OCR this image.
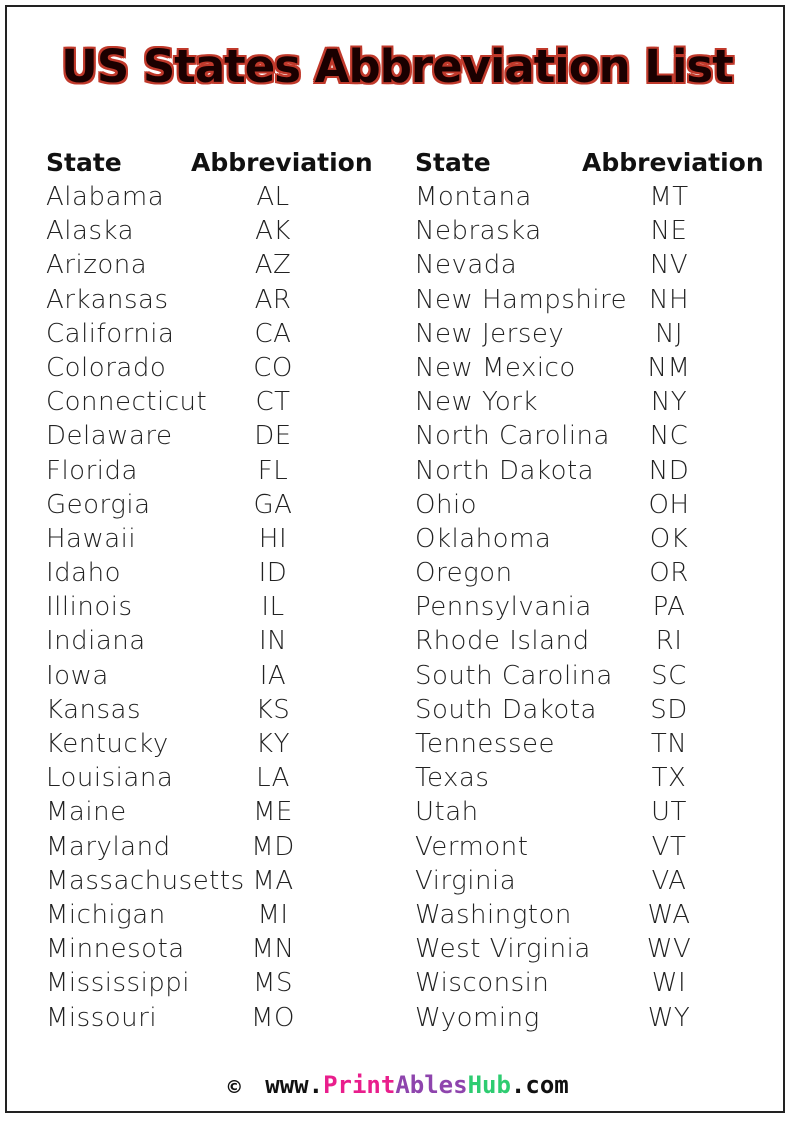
US States Abbreviation List
State	Abbreviation
Alabama	AL
Alaska	AK
Arizona	AZ
Arkansas	AR
California	CA
Colorado	CO
Connecticut	CT
Delaware	DE
Florida	FL
Georgia	GA
Hawaii	HI
Idaho	ID
Illinois	IL
Indiana	IN
Iowa	IA
Kansas	KS
Kentucky	KY
Louisiana	LA
Maine	ME
Maryland	MD
Massachusetts MA
Michigan	MI
Minnesota	MN
Mississippi	MS
Missouri	MO
State	Abbreviation
Montana	MT
Nebraska	NE
Nevada	NV
New Hampshire NH
New Jersey	NJ
New Mexico	NM
New York	NY
North Carolina	NC
North Dakota	ND
Ohio	OH
Oklahoma	OK
Oregon	OR
Pennsylvania	PA
Rhode Island	RI
South Carolina	SC
South Dakota	SD
Tennessee	TN
Texas	TX
Utah	UT
Vermont	VT
Virginia	VA
Washington	WA
West Virginia WV
Wisconsin	WI
Wyoming	WY
© www.PrintAblesHub.com
